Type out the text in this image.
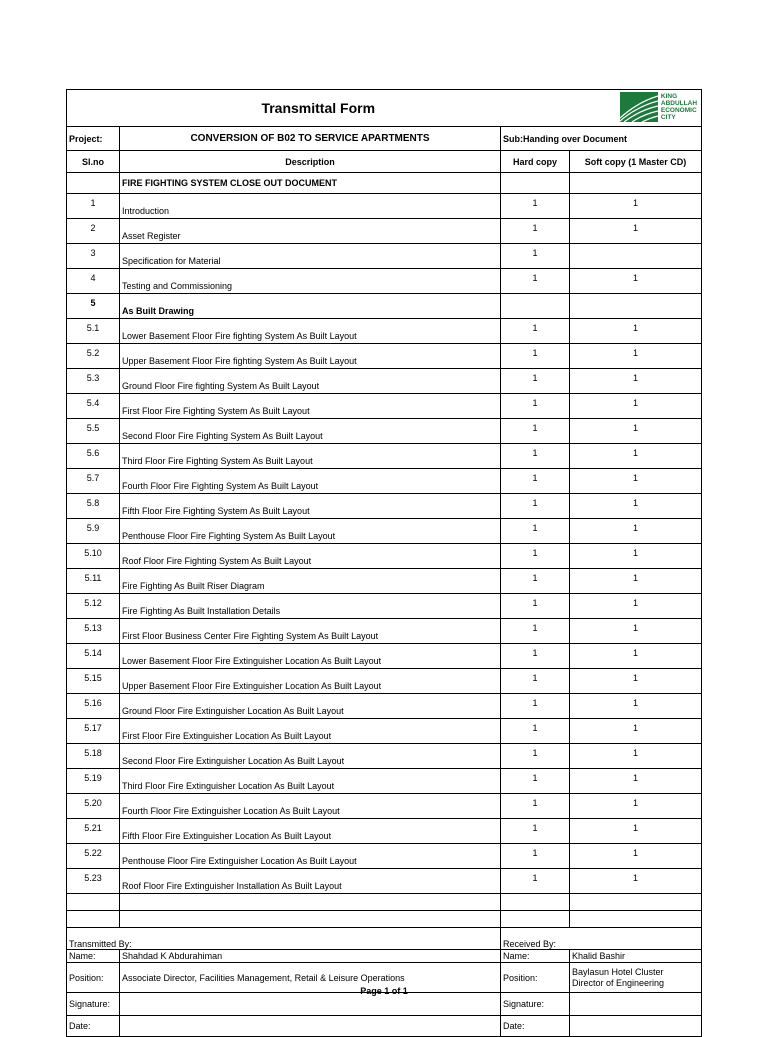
Transmittal Form			KING
ABDULLAH
ECONOMIC
CITY

Project:	CONVERSION OF B02 TO SERVICE APARTMENTS	Sub:Handing over Document	
Sl.no	Description	Hard copy	Soft copy (1 Master CD)
	FIRE FIGHTING SYSTEM CLOSE OUT DOCUMENT		
1	Introduction	1	1
2	Asset Register	1	1
3	Specification for Material	1	
4	Testing and Commissioning	1	1
5	As Built Drawing		
5.1	Lower Basement Floor Fire fighting System As Built Layout	1	1
5.2	Upper Basement Floor Fire fighting System As Built Layout	1	1
5.3	Ground Floor Fire fighting System As Built Layout	1	1
5.4	First Floor Fire Fighting System As Built Layout	1	1
5.5	Second Floor Fire Fighting System As Built Layout	1	1
5.6	Third Floor Fire Fighting System As Built Layout	1	1
5.7	Fourth Floor Fire Fighting System As Built Layout	1	1
5.8	Fifth Floor Fire Fighting System As Built Layout	1	1
5.9	Penthouse Floor Fire Fighting System As Built Layout	1	1
5.10	Roof Floor Fire Fighting System As Built Layout	1	1
5.11	Fire Fighting As Built Riser Diagram	1	1
5.12	Fire Fighting As Built Installation Details	1	1
5.13	First Floor Business Center Fire Fighting System As Built Layout	1	1
5.14	Lower Basement Floor Fire Extinguisher Location As Built Layout	1	1
5.15	Upper Basement Floor Fire Extinguisher Location As Built Layout	1	1
5.16	Ground Floor Fire Extinguisher Location As Built Layout	1	1
5.17	First Floor Fire Extinguisher Location As Built Layout	1	1
5.18	Second Floor Fire Extinguisher Location As Built Layout	1	1
5.19	Third Floor Fire Extinguisher Location As Built Layout	1	1
5.20	Fourth Floor Fire Extinguisher Location As Built Layout	1	1
5.21	Fifth Floor Fire Extinguisher Location As Built Layout	1	1
5.22	Penthouse Floor Fire Extinguisher Location As Built Layout	1	1
5.23	Roof Floor Fire Extinguisher Installation As Built Layout	1	1

Transmitted By:		Received By:	
Name:	Shahdad K Abdurahiman	Name:	Khalid Bashir
Position:	Associate Director, Facilities Management, Retail & Leisure Operations	Position:	Baylasun Hotel Cluster
Director of Engineering
Signature:		Signature:	
Date:		Date:	
Page 1 of 1
